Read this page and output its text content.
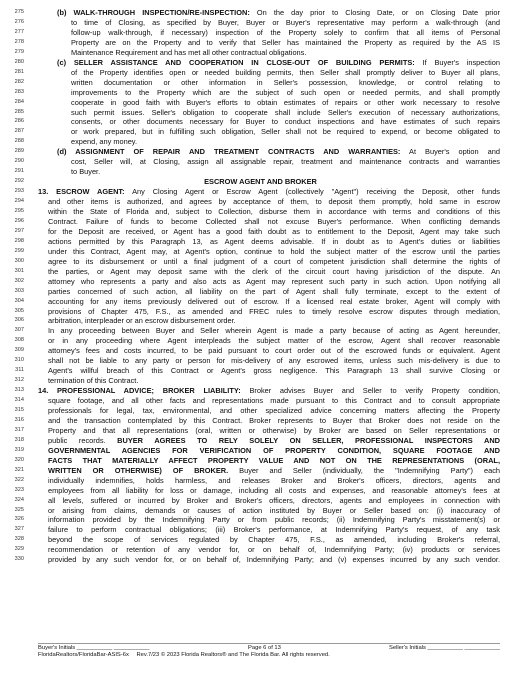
275	(b) WALK-THROUGH INSPECTION/RE-INSPECTION: On the day prior to Closing Date, or on Closing Date prior
276	to time of Closing, as specified by Buyer, Buyer or Buyer's representative may perform a walk-through (and
277	follow-up walk-through, if necessary) inspection of the Property solely to confirm that all items of Personal
278	Property are on the Property and to verify that Seller has maintained the Property as required by the AS IS
279	Maintenance Requirement and has met all other contractual obligations.
280	(c) SELLER ASSISTANCE AND COOPERATION IN CLOSE-OUT OF BUILDING PERMITS: If Buyer's inspection
281	of the Property identifies open or needed building permits, then Seller shall promptly deliver to Buyer all plans,
282	written documentation or other information in Seller's possession, knowledge, or control relating to
283	improvements to the Property which are the subject of such open or needed permits, and shall promptly
284	cooperate in good faith with Buyer's efforts to obtain estimates of repairs or other work necessary to resolve
285	such permit issues. Seller's obligation to cooperate shall include Seller's execution of necessary authorizations,
286	consents, or other documents necessary for Buyer to conduct inspections and have estimates of such repairs
287	or work prepared, but in fulfilling such obligation, Seller shall not be required to expend, or become obligated to
288	expend, any money.
289	(d) ASSIGNMENT OF REPAIR AND TREATMENT CONTRACTS AND WARRANTIES: At Buyer's option and
290	cost, Seller will, at Closing, assign all assignable repair, treatment and maintenance contracts and warranties
291	to Buyer.
292	ESCROW AGENT AND BROKER
293 13. ESCROW AGENT: Any Closing Agent or Escrow Agent (collectively "Agent") receiving the Deposit, other funds
294	and other items is authorized, and agrees by acceptance of them, to deposit them promptly, hold same in escrow
295	within the State of Florida and, subject to Collection, disburse them in accordance with terms and conditions of this
296	Contract. Failure of funds to become Collected shall not excuse Buyer's performance. When conflicting demands
297	for the Deposit are received, or Agent has a good faith doubt as to entitlement to the Deposit, Agent may take such
298	actions permitted by this Paragraph 13, as Agent deems advisable. If in doubt as to Agent's duties or liabilities
299	under this Contract, Agent may, at Agent's option, continue to hold the subject matter of the escrow until the parties
300	agree to its disbursement or until a final judgment of a court of competent jurisdiction shall determine the rights of
301	the parties, or Agent may deposit same with the clerk of the circuit court having jurisdiction of the dispute. An
302	attorney who represents a party and also acts as Agent may represent such party in such action. Upon notifying all
303	parties concerned of such action, all liability on the part of Agent shall fully terminate, except to the extent of
304	accounting for any items previously delivered out of escrow. If a licensed real estate broker, Agent will comply with
305	provisions of Chapter 475, F.S., as amended and FREC rules to timely resolve escrow disputes through mediation,
306	arbitration, interpleader or an escrow disbursement order.
307	In any proceeding between Buyer and Seller wherein Agent is made a party because of acting as Agent hereunder,
308	or in any proceeding where Agent interpleads the subject matter of the escrow, Agent shall recover reasonable
309	attorney's fees and costs incurred, to be paid pursuant to court order out of the escrowed funds or equivalent. Agent
310	shall not be liable to any party or person for mis-delivery of any escrowed items, unless such mis-delivery is due to
311	Agent's willful breach of this Contract or Agent's gross negligence. This Paragraph 13 shall survive Closing or
312	termination of this Contract.
313 14. PROFESSIONAL ADVICE; BROKER LIABILITY: Broker advises Buyer and Seller to verify Property condition,
314	square footage, and all other facts and representations made pursuant to this Contract and to consult appropriate
315	professionals for legal, tax, environmental, and other specialized advice concerning matters affecting the Property
316	and the transaction contemplated by this Contract. Broker represents to Buyer that Broker does not reside on the
317	Property and that all representations (oral, written or otherwise) by Broker are based on Seller representations or
318	public records. BUYER AGREES TO RELY SOLELY ON SELLER, PROFESSIONAL INSPECTORS AND
319	GOVERNMENTAL AGENCIES FOR VERIFICATION OF PROPERTY CONDITION, SQUARE FOOTAGE AND
320	FACTS THAT MATERIALLY AFFECT PROPERTY VALUE AND NOT ON THE REPRESENTATIONS (ORAL,
321	WRITTEN OR OTHERWISE) OF BROKER. Buyer and Seller (individually, the "Indemnifying Party") each
322	individually indemnifies, holds harmless, and releases Broker and Broker's officers, directors, agents and
323	employees from all liability for loss or damage, including all costs and expenses, and reasonable attorney's fees at
324	all levels, suffered or incurred by Broker and Broker's officers, directors, agents and employees in connection with
325	or arising from claims, demands or causes of action instituted by Buyer or Seller based on: (i) inaccuracy of
326	information provided by the Indemnifying Party or from public records; (ii) Indemnifying Party's misstatement(s) or
327	failure to perform contractual obligations; (iii) Broker's performance, at Indemnifying Party's request, of any task
328	beyond the scope of services regulated by Chapter 475, F.S., as amended, including Broker's referral,
329	recommendation or retention of any vendor for, or on behalf of, Indemnifying Party; (iv) products or services
330	provided by any such vendor for, or on behalf of, Indemnifying Party; and (v) expenses incurred by any such vendor.
Buyer's Initials ___________ ___________	Page 6 of 13	Seller's Initials ___________ ___________
FloridaRealtors/FloridaBar-ASIS-6x Rev.7/23 © 2023 Florida Realtors® and The Florida Bar. All rights reserved.
